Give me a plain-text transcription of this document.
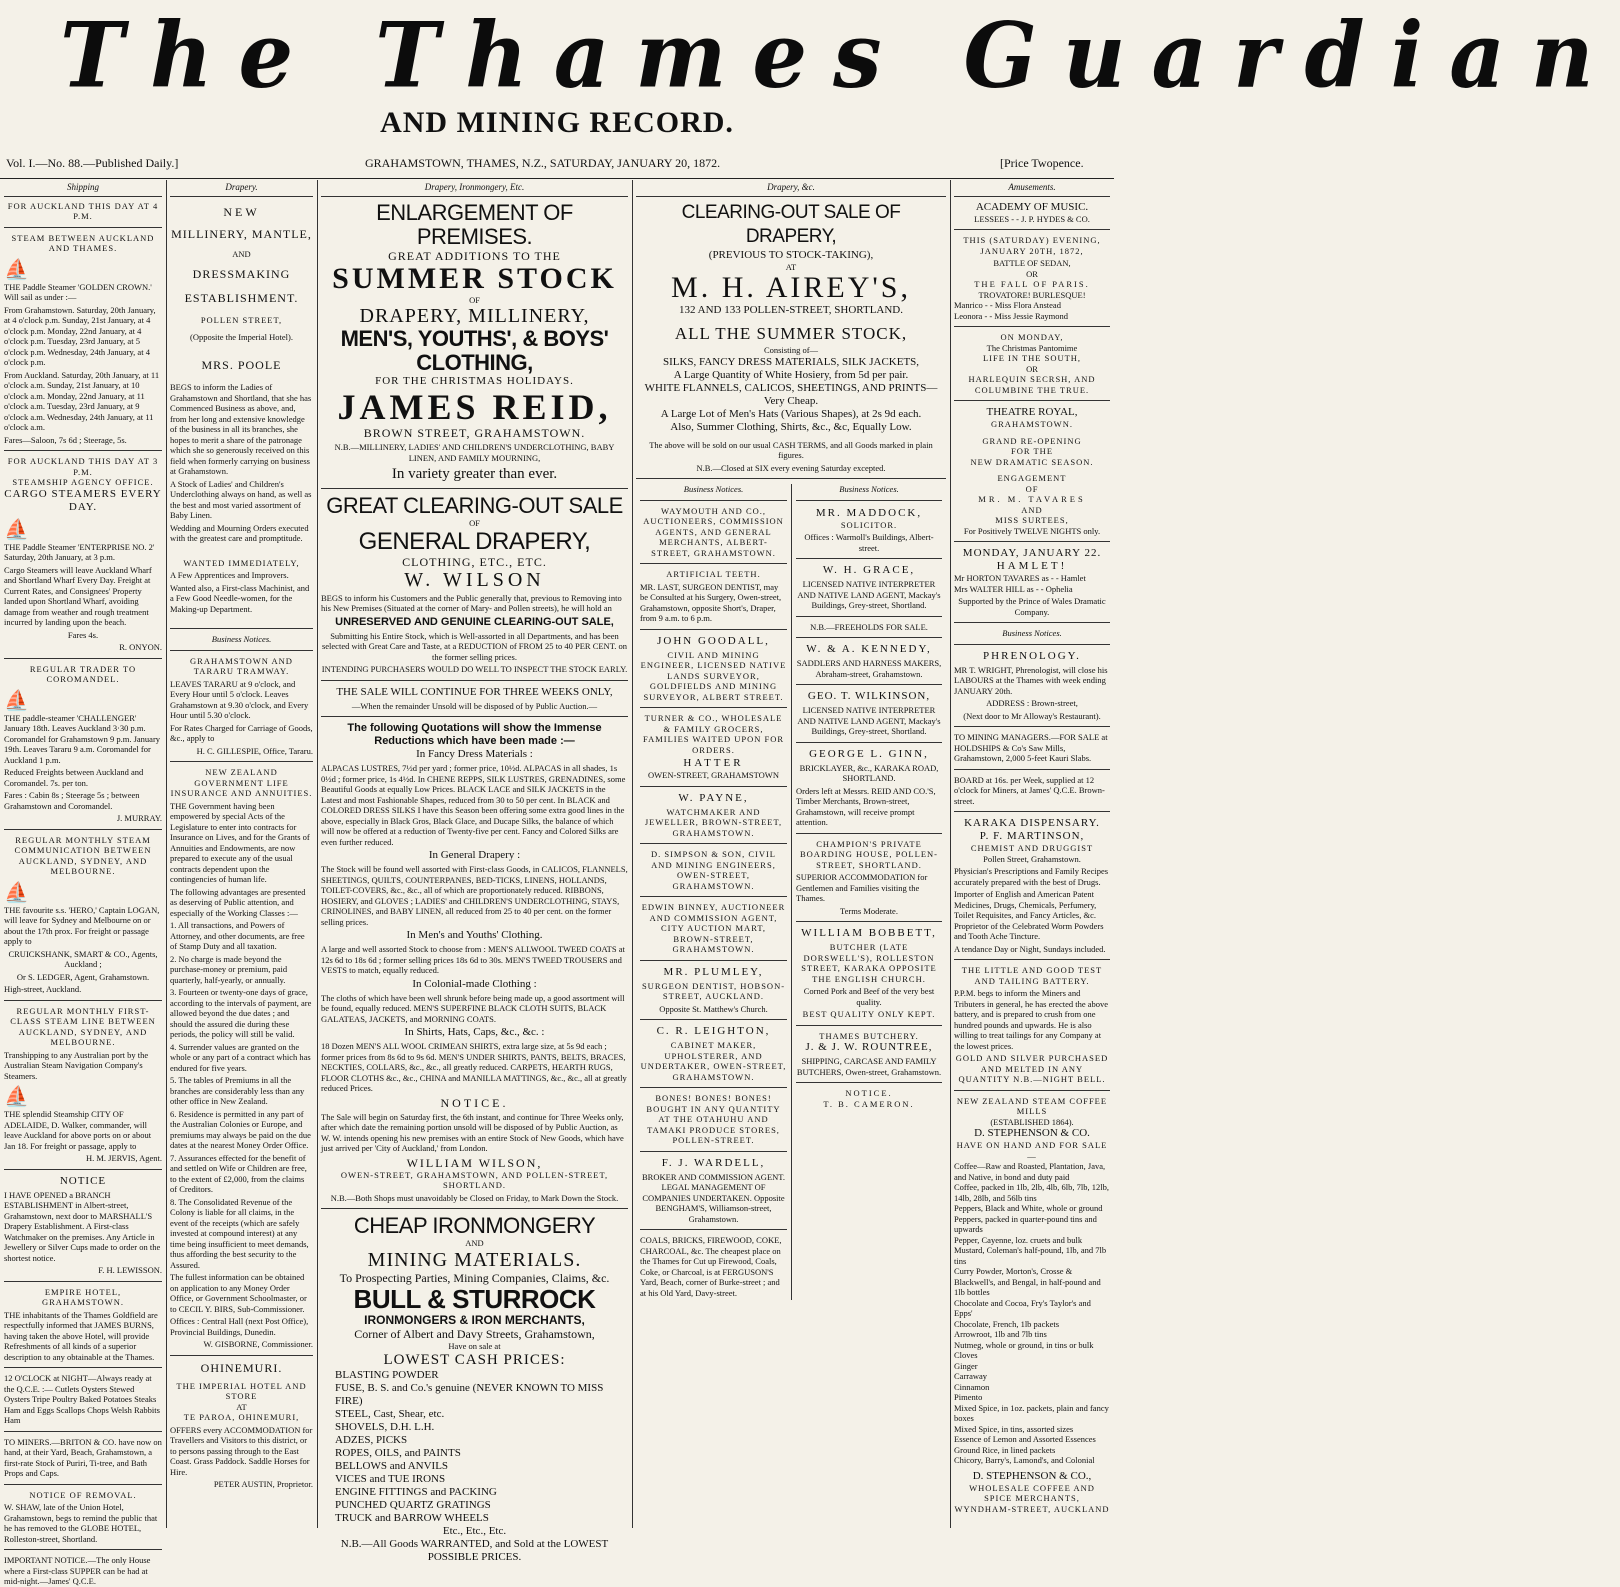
The Thames Guardian
AND MINING RECORD.
Vol. I.—No. 88.—Published Daily.]	GRAHAMSTOWN, THAMES, N.Z., SATURDAY, JANUARY 20, 1872.	[Price Twopence.
Shipping
FOR AUCKLAND THIS DAY AT 4 P.M.
STEAM BETWEEN AUCKLAND AND THAMES.
⛵

THE Paddle Steamer 'GOLDEN CROWN.' Will sail as under :—

From Grahamstown. Saturday, 20th January, at 4 o'clock p.m. Sunday, 21st January, at 4 o'clock p.m. Monday, 22nd January, at 4 o'clock p.m. Tuesday, 23rd January, at 5 o'clock p.m. Wednesday, 24th January, at 4 o'clock p.m.

From Auckland. Saturday, 20th January, at 11 o'clock a.m. Sunday, 21st January, at 10 o'clock a.m. Monday, 22nd January, at 11 o'clock a.m. Tuesday, 23rd January, at 9 o'clock a.m. Wednesday, 24th January, at 11 o'clock a.m.

Fares—Saloon, 7s 6d ; Steerage, 5s.

FOR AUCKLAND THIS DAY AT 3 P.M.
STEAMSHIP AGENCY OFFICE.
CARGO STEAMERS EVERY DAY.
⛵

THE Paddle Steamer 'ENTERPRISE NO. 2' Saturday, 20th January, at 3 p.m.

Cargo Steamers will leave Auckland Wharf and Shortland Wharf Every Day. Freight at Current Rates, and Consignees' Property landed upon Shortland Wharf, avoiding damage from weather and rough treatment incurred by landing upon the beach.

Fares 4s.

R. ONYON.

REGULAR TRADER TO COROMANDEL.
⛵

THE paddle-steamer 'CHALLENGER' January 18th. Leaves Auckland 3·30 p.m. Coromandel for Grahamstown 9 p.m. January 19th. Leaves Tararu 9 a.m. Coromandel for Auckland 1 p.m.

Reduced Freights between Auckland and Coromandel. 7s. per ton.

Fares : Cabin 8s ; Steerage 5s ; between Grahamstown and Coromandel.

J. MURRAY.

REGULAR MONTHLY STEAM COMMUNICATION BETWEEN AUCKLAND, SYDNEY, AND MELBOURNE.
⛵

THE favourite s.s. 'HERO,' Captain LOGAN, will leave for Sydney and Melbourne on or about the 17th prox. For freight or passage apply to

CRUICKSHANK, SMART & CO., Agents, Auckland ;

Or S. LEDGER, Agent, Grahamstown.

High-street, Auckland.

REGULAR MONTHLY FIRST-CLASS STEAM LINE BETWEEN AUCKLAND, SYDNEY, AND MELBOURNE.

Transhipping to any Australian port by the Australian Steam Navigation Company's Steamers.

⛵

THE splendid Steamship CITY OF ADELAIDE, D. Walker, commander, will leave Auckland for above ports on or about Jan 18. For freight or passage, apply to

H. M. JERVIS, Agent.

NOTICE

I HAVE OPENED a BRANCH ESTABLISHMENT in Albert-street, Grahamstown, next door to MARSHALL'S Drapery Establishment. A First-class Watchmaker on the premises. Any Article in Jewellery or Silver Cups made to order on the shortest notice.

F. H. LEWISSON.

EMPIRE HOTEL, GRAHAMSTOWN.

THE inhabitants of the Thames Goldfield are respectfully informed that JAMES BURNS, having taken the above Hotel, will provide Refreshments of all kinds of a superior description to any obtainable at the Thames.

12 O'CLOCK at NIGHT—Always ready at the Q.C.E. :— Cutlets Oysters Stewed Oysters Tripe Poultry Baked Potatoes Steaks Ham and Eggs Scallops Chops Welsh Rabbits Ham

TO MINERS.—BRITON & CO. have now on hand, at their Yard, Beach, Grahamstown, a first-rate Stock of Puriri, Ti-tree, and Bath Props and Caps.

NOTICE OF REMOVAL.

W. SHAW, late of the Union Hotel, Grahamstown, begs to remind the public that he has removed to the GLOBE HOTEL, Rolleston-street, Shortland.

IMPORTANT NOTICE.—The only House where a First-class SUPPER can be had at mid-night.—James' Q.C.E.

Drapery.
NEW
MILLINERY, MANTLE,
AND
DRESSMAKING
ESTABLISHMENT.
POLLEN STREET,
(Opposite the Imperial Hotel).
MRS. POOLE

BEGS to inform the Ladies of Grahamstown and Shortland, that she has Commenced Business as above, and, from her long and extensive knowledge of the business in all its branches, she hopes to merit a share of the patronage which she so generously received on this field when formerly carrying on business at Grahamstown.

A Stock of Ladies' and Children's Underclothing always on hand, as well as the best and most varied assortment of Baby Linen.

Wedding and Mourning Orders executed with the greatest care and promptitude.

WANTED IMMEDIATELY,

A Few Apprentices and Improvers.

Wanted also, a First-class Machinist, and a Few Good Needle-women, for the Making-up Department.

Business Notices.
GRAHAMSTOWN AND TARARU TRAMWAY.

LEAVES TARARU at 9 o'clock, and Every Hour until 5 o'clock. Leaves Grahamstown at 9.30 o'clock, and Every Hour until 5.30 o'clock.

For Rates Charged for Carriage of Goods, &c., apply to

H. C. GILLESPIE, Office, Tararu.

NEW ZEALAND GOVERNMENT LIFE INSURANCE AND ANNUITIES.

THE Government having been empowered by special Acts of the Legislature to enter into contracts for Insurance on Lives, and for the Grants of Annuities and Endowments, are now prepared to execute any of the usual contracts dependent upon the contingencies of human life.

The following advantages are presented as deserving of Public attention, and especially of the Working Classes :—

1. All transactions, and Powers of Attorney, and other documents, are free of Stamp Duty and all taxation.

2. No charge is made beyond the purchase-money or premium, paid quarterly, half-yearly, or annually.

3. Fourteen or twenty-one days of grace, according to the intervals of payment, are allowed beyond the due dates ; and should the assured die during these periods, the policy will still be valid.

4. Surrender values are granted on the whole or any part of a contract which has endured for five years.

5. The tables of Premiums in all the branches are considerably less than any other office in New Zealand.

6. Residence is permitted in any part of the Australian Colonies or Europe, and premiums may always be paid on the due dates at the nearest Money Order Office.

7. Assurances effected for the benefit of and settled on Wife or Children are free, to the extent of £2,000, from the claims of Creditors.

8. The Consolidated Revenue of the Colony is liable for all claims, in the event of the receipts (which are safely invested at compound interest) at any time being insufficient to meet demands, thus affording the best security to the Assured.

The fullest information can be obtained on application to any Money Order Office, or Government Schoolmaster, or to CECIL Y. BIRS, Sub-Commissioner.

Offices : Central Hall (next Post Office), Provincial Buildings, Dunedin.

W. GISBORNE, Commissioner.

OHINEMURI.
THE IMPERIAL HOTEL AND STORE
AT
TE PAROA, OHINEMURI,

OFFERS every ACCOMMODATION for Travellers and Visitors to this district, or to persons passing through to the East Coast. Grass Paddock. Saddle Horses for Hire.

PETER AUSTIN, Proprietor.

Drapery, Ironmongery, Etc.
ENLARGEMENT OF PREMISES.
GREAT ADDITIONS TO THE
SUMMER STOCK
OF
DRAPERY, MILLINERY,
MEN'S, YOUTHS', & BOYS' CLOTHING,
FOR THE CHRISTMAS HOLIDAYS.
JAMES REID,
BROWN STREET, GRAHAMSTOWN.

N.B.—MILLINERY, LADIES' AND CHILDREN'S UNDERCLOTHING, BABY LINEN, AND FAMILY MOURNING,

In variety greater than ever.
GREAT CLEARING-OUT SALE
OF
GENERAL DRAPERY,
CLOTHING, ETC., ETC.
W. WILSON

BEGS to inform his Customers and the Public generally that, previous to Removing into his New Premises (Situated at the corner of Mary- and Pollen streets), he will hold an

UNRESERVED AND GENUINE CLEARING-OUT SALE,

Submitting his Entire Stock, which is Well-assorted in all Departments, and has been selected with Great Care and Taste, at a REDUCTION of FROM 25 to 40 PER CENT. on the former selling prices.

INTENDING PURCHASERS WOULD DO WELL TO INSPECT THE STOCK EARLY.

THE SALE WILL CONTINUE FOR THREE WEEKS ONLY,

—When the remainder Unsold will be disposed of by Public Auction.—

The following Quotations will show the Immense Reductions which have been made :—
In Fancy Dress Materials :

ALPACAS LUSTRES, 7½d per yard ; former price, 10½d. ALPACAS in all shades, 1s 0½d ; former price, 1s 4½d. In CHENE REPPS, SILK LUSTRES, GRENADINES, some Beautiful Goods at equally Low Prices. BLACK LACE and SILK JACKETS in the Latest and most Fashionable Shapes, reduced from 30 to 50 per cent. In BLACK and COLORED DRESS SILKS I have this Season been offering some extra good lines in the above, especially in Black Gros, Black Glace, and Ducape Silks, the balance of which will now be offered at a reduction of Twenty-five per cent. Fancy and Colored Silks are even further reduced.

In General Drapery :

The Stock will be found well assorted with First-class Goods, in CALICOS, FLANNELS, SHEETINGS, QUILTS, COUNTERPANES, BED-TICKS, LINENS, HOLLANDS, TOILET-COVERS, &c., &c., all of which are proportionately reduced. RIBBONS, HOSIERY, and GLOVES ; LADIES' and CHILDREN'S UNDERCLOTHING, STAYS, CRINOLINES, and BABY LINEN, all reduced from 25 to 40 per cent. on the former selling prices.

In Men's and Youths' Clothing.

A large and well assorted Stock to choose from : MEN'S ALLWOOL TWEED COATS at 12s 6d to 18s 6d ; former selling prices 18s 6d to 30s. MEN'S TWEED TROUSERS and VESTS to match, equally reduced.

In Colonial-made Clothing :

The cloths of which have been well shrunk before being made up, a good assortment will be found, equally reduced. MEN'S SUPERFINE BLACK CLOTH SUITS, BLACK GALATEAS, JACKETS, and MORNING COATS.

In Shirts, Hats, Caps, &c., &c. :

18 Dozen MEN'S ALL WOOL CRIMEAN SHIRTS, extra large size, at 5s 9d each ; former prices from 8s 6d to 9s 6d. MEN'S UNDER SHIRTS, PANTS, BELTS, BRACES, NECKTIES, COLLARS, &c., &c., all greatly reduced. CARPETS, HEARTH RUGS, FLOOR CLOTHS &c., &c., CHINA and MANILLA MATTINGS, &c., &c., all at greatly reduced Prices.

NOTICE.

The Sale will begin on Saturday first, the 6th instant, and continue for Three Weeks only, after which date the remaining portion unsold will be disposed of by Public Auction, as W. W. intends opening his new premises with an entire Stock of New Goods, which have just arrived per 'City of Auckland,' from London.

WILLIAM WILSON,
OWEN-STREET, GRAHAMSTOWN, AND POLLEN-STREET, SHORTLAND.

N.B.—Both Shops must unavoidably be Closed on Friday, to Mark Down the Stock.

CHEAP IRONMONGERY
AND
MINING MATERIALS.
To Prospecting Parties, Mining Companies, Claims, &c.
BULL & STURROCK
IRONMONGERS & IRON MERCHANTS,
Corner of Albert and Davy Streets, Grahamstown,
Have on sale at
LOWEST CASH PRICES:
BLASTING POWDER
FUSE, B. S. and Co.'s genuine (NEVER KNOWN TO MISS FIRE)
STEEL, Cast, Shear, etc.
SHOVELS, D.H. L.H.
ADZES, PICKS
ROPES, OILS, and PAINTS
BELLOWS and ANVILS
VICES and TUE IRONS
ENGINE FITTINGS and PACKING
PUNCHED QUARTZ GRATINGS
TRUCK and BARROW WHEELS
Etc., Etc., Etc.
N.B.—All Goods WARRANTED, and Sold at the LOWEST POSSIBLE PRICES.
Drapery, &c.
CLEARING-OUT SALE OF DRAPERY,
(PREVIOUS TO STOCK-TAKING),
AT
M. H. AIREY'S,
132 AND 133 POLLEN-STREET, SHORTLAND.
ALL THE SUMMER STOCK,
Consisting of—
SILKS, FANCY DRESS MATERIALS, SILK JACKETS,
A Large Quantity of White Hosiery, from 5d per pair.
WHITE FLANNELS, CALICOS, SHEETINGS, AND PRINTS—Very Cheap.
A Large Lot of Men's Hats (Various Shapes), at 2s 9d each.
Also, Summer Clothing, Shirts, &c., &c, Equally Low.

The above will be sold on our usual CASH TERMS, and all Goods marked in plain figures.

N.B.—Closed at SIX every evening Saturday excepted.

Business Notices.

WAYMOUTH AND CO., AUCTIONEERS, COMMISSION AGENTS, AND GENERAL MERCHANTS, ALBERT-STREET, GRAHAMSTOWN.

ARTIFICIAL TEETH.

MR. LAST, SURGEON DENTIST, may be Consulted at his Surgery, Owen-street, Grahamstown, opposite Short's, Draper, from 9 a.m. to 6 p.m.

JOHN GOODALL,

CIVIL AND MINING ENGINEER, LICENSED NATIVE LANDS SURVEYOR, GOLDFIELDS AND MINING SURVEYOR, ALBERT STREET.

TURNER & CO., WHOLESALE & FAMILY GROCERS, FAMILIES WAITED UPON FOR ORDERS.

HATTER
OWEN-STREET, GRAHAMSTOWN
W. PAYNE,

WATCHMAKER AND JEWELLER, BROWN-STREET, GRAHAMSTOWN.

D. SIMPSON & SON, CIVIL AND MINING ENGINEERS, OWEN-STREET, GRAHAMSTOWN.

EDWIN BINNEY, AUCTIONEER AND COMMISSION AGENT, CITY AUCTION MART, BROWN-STREET, GRAHAMSTOWN.

MR. PLUMLEY,

SURGEON DENTIST, HOBSON-STREET, AUCKLAND.

Opposite St. Matthew's Church.

C. R. LEIGHTON,

CABINET MAKER, UPHOLSTERER, AND UNDERTAKER, OWEN-STREET, GRAHAMSTOWN.

BONES! BONES! BONES! BOUGHT IN ANY QUANTITY AT THE OTAHUHU AND TAMAKI PRODUCE STORES, POLLEN-STREET.

F. J. WARDELL,

BROKER AND COMMISSION AGENT. LEGAL MANAGEMENT OF COMPANIES UNDERTAKEN. Opposite BENGHAM'S, Williamson-street, Grahamstown.

COALS, BRICKS, FIREWOOD, COKE, CHARCOAL, &c. The cheapest place on the Thames for Cut up Firewood, Coals, Coke, or Charcoal, is at FERGUSON'S Yard, Beach, corner of Burke-street ; and at his Old Yard, Davy-street.

Business Notices.
MR. MADDOCK,
SOLICITOR.

Offices : Warmoll's Buildings, Albert-street.

W. H. GRACE,

LICENSED NATIVE INTERPRETER AND NATIVE LAND AGENT, Mackay's Buildings, Grey-street, Shortland.

N.B.—FREEHOLDS FOR SALE.
W. & A. KENNEDY,

SADDLERS AND HARNESS MAKERS, Abraham-street, Grahamstown.

GEO. T. WILKINSON,

LICENSED NATIVE INTERPRETER AND NATIVE LAND AGENT, Mackay's Buildings, Grey-street, Shortland.

GEORGE L. GINN,

BRICKLAYER, &c., KARAKA ROAD, SHORTLAND.

Orders left at Messrs. REID AND CO.'S, Timber Merchants, Brown-street, Grahamstown, will receive prompt attention.

CHAMPION'S PRIVATE BOARDING HOUSE, POLLEN-STREET, SHORTLAND.

SUPERIOR ACCOMMODATION for Gentlemen and Families visiting the Thames.

Terms Moderate.

WILLIAM BOBBETT,

BUTCHER (LATE DORSWELL'S), ROLLESTON STREET, KARAKA OPPOSITE THE ENGLISH CHURCH.

Corned Pork and Beef of the very best quality.

BEST QUALITY ONLY KEPT.

THAMES BUTCHERY.
J. & J. W. ROUNTREE,

SHIPPING, CARCASE AND FAMILY BUTCHERS, Owen-street, Grahamstown.

NOTICE.
T. B. CAMERON.
Amusements.
ACADEMY OF MUSIC.
LESSEES - - J. P. HYDES & CO.

THIS (SATURDAY) EVENING, JANUARY 20TH, 1872,

BATTLE OF SEDAN,
OR
THE FALL OF PARIS.
TROVATORE! BURLESQUE!
Manrico - - Miss Flora Anstead
Leonora - - Miss Jessie Raymond
ON MONDAY,
The Christmas Pantomime
LIFE IN THE SOUTH,
OR
HARLEQUIN SECRSH, AND COLUMBINE THE TRUE.
THEATRE ROYAL,
GRAHAMSTOWN.
GRAND RE-OPENING
FOR THE
NEW DRAMATIC SEASON.
ENGAGEMENT
OF
MR. M. TAVARES
AND
MISS SURTEES,
For Positively TWELVE NIGHTS only.
MONDAY, JANUARY 22.
HAMLET!
Mr HORTON TAVARES as - - Hamlet
Mrs WALTER HILL as - - Ophelia

Supported by the Prince of Wales Dramatic Company.

Business Notices.
PHRENOLOGY.

MR T. WRIGHT, Phrenologist, will close his LABOURS at the Thames with week ending JANUARY 20th.

ADDRESS : Brown-street,

(Next door to Mr Alloway's Restaurant).

TO MINING MANAGERS.—FOR SALE at HOLDSHIPS & Co's Saw Mills, Grahamstown, 2,000 5-feet Kauri Slabs.

BOARD at 16s. per Week, supplied at 12 o'clock for Miners, at James' Q.C.E. Brown-street.

KARAKA DISPENSARY.
P. F. MARTINSON,
CHEMIST AND DRUGGIST
Pollen Street, Grahamstown.

Physician's Prescriptions and Family Recipes accurately prepared with the best of Drugs.

Importer of English and American Patent Medicines, Drugs, Chemicals, Perfumery, Toilet Requisites, and Fancy Articles, &c. Proprietor of the Celebrated Worm Powders and Tooth Ache Tincture.

A tendance Day or Night, Sundays included.

THE LITTLE AND GOOD TEST AND TAILING BATTERY.

P.P.M. begs to inform the Miners and Tributers in general, he has erected the above battery, and is prepared to crush from one hundred pounds and upwards. He is also willing to treat tailings for any Company at the lowest prices.

GOLD AND SILVER PURCHASED AND MELTED IN ANY QUANTITY N.B.—NIGHT BELL.

NEW ZEALAND STEAM COFFEE MILLS
(ESTABLISHED 1864).
D. STEPHENSON & CO.
HAVE ON HAND AND FOR SALE—
Coffee—Raw and Roasted, Plantation, Java, and Native, in bond and duty paid
Coffee, packed in 1lb, 2lb, 4lb, 6lb, 7lb, 12lb, 14lb, 28lb, and 56lb tins
Peppers, Black and White, whole or ground
Peppers, packed in quarter-pound tins and upwards
Pepper, Cayenne, loz. cruets and bulk
Mustard, Coleman's half-pound, 1lb, and 7lb tins
Curry Powder, Morton's, Crosse & Blackwell's, and Bengal, in half-pound and 1lb bottles
Chocolate and Cocoa, Fry's Taylor's and Epps'
Chocolate, French, 1lb packets
Arrowroot, 1lb and 7lb tins
Nutmeg, whole or ground, in tins or bulk
Cloves
Ginger
Carraway
Cinnamon
Pimento
Mixed Spice, in 1oz. packets, plain and fancy boxes
Mixed Spice, in tins, assorted sizes
Essence of Lemon and Assorted Essences
Ground Rice, in lined packets
Chicory, Barry's, Lamond's, and Colonial
D. STEPHENSON & CO.,
WHOLESALE COFFEE AND SPICE MERCHANTS,
WYNDHAM-STREET, AUCKLAND
